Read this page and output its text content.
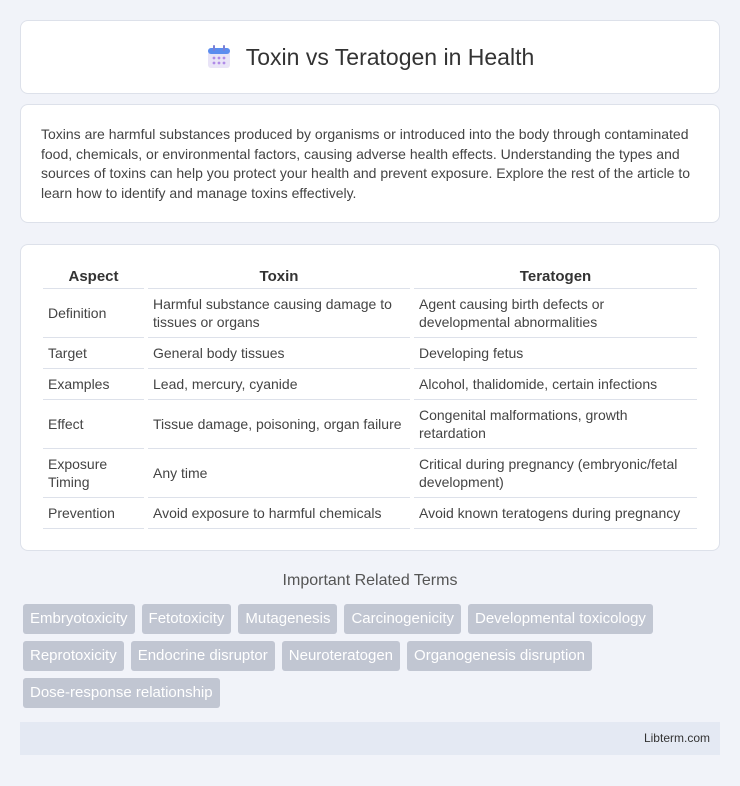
Toxin vs Teratogen in Health

Toxins are harmful substances produced by organisms or introduced into the body through contaminated food, chemicals, or environmental factors, causing adverse health effects. Understanding the types and sources of toxins can help you protect your health and prevent exposure. Explore the rest of the article to learn how to identify and manage toxins effectively.

Aspect	Toxin	Teratogen
Definition	Harmful substance causing damage to tissues or organs	Agent causing birth defects or developmental abnormalities
Target	General body tissues	Developing fetus
Examples	Lead, mercury, cyanide	Alcohol, thalidomide, certain infections
Effect	Tissue damage, poisoning, organ failure	Congenital malformations, growth retardation
Exposure Timing	Any time	Critical during pregnancy (embryonic/fetal development)
Prevention	Avoid exposure to harmful chemicals	Avoid known teratogens during pregnancy
Important Related Terms
Embryotoxicity	Fetotoxicity	Mutagenesis	Carcinogenicity	Developmental toxicology
Reprotoxicity	Endocrine disruptor	Neuroteratogen	Organogenesis disruption
Dose-response relationship
Libterm.com
